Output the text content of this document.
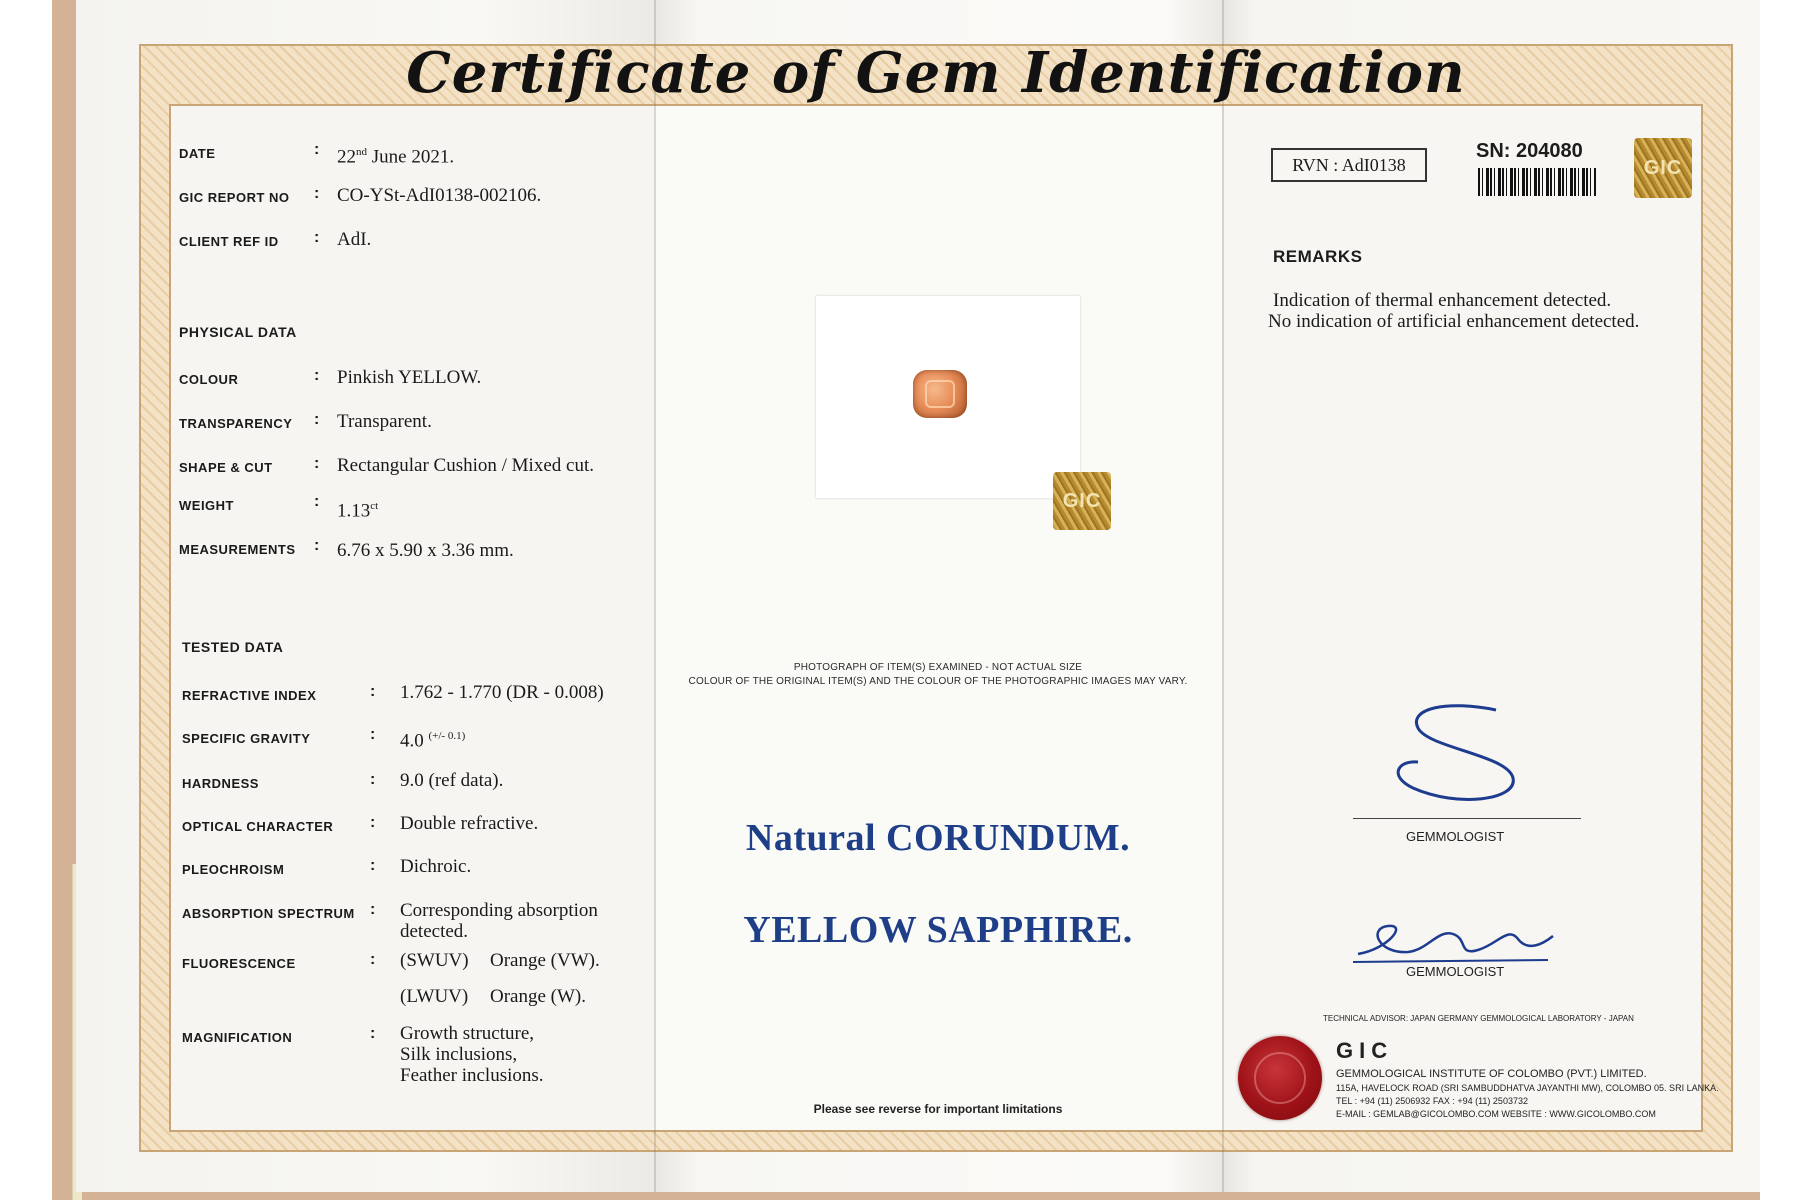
Certificate of Gem Identification
DATE	: 22nd June 2021.
GIC REPORT NO : CO-YSt-AdI0138-002106.
CLIENT REF ID : AdI.
PHYSICAL DATA
COLOUR	: Pinkish YELLOW.
TRANSPARENCY : Transparent.
SHAPE & CUT	: Rectangular Cushion / Mixed cut.
WEIGHT	: $1.13^{ct}$
MEASUREMENTS : 6.76 x 5.90 x 3.36 mm.
TESTED DATA
REFRACTIVE INDEX	: 1.762 - 1.770 (DR - 0.008)
SPECIFIC GRAVITY	: 4.0 $^{(+/- 0.1)}$
HARDNESS	: 9.0 (ref data).
OPTICAL CHARACTER : Double refractive.
PLEOCHROISM	: Dichroic.
ABSORPTION SPECTRUM : Corresponding absorption
detected.
FLUORESCENCE	: (SWUV) Orange (VW).
(LWUV) Orange (W).
MAGNIFICATION	: Growth structure,
Silk inclusions,
Feather inclusions.
GIC
PHOTOGRAPH OF ITEM(S) EXAMINED - NOT ACTUAL SIZE
COLOUR OF THE ORIGINAL ITEM(S) AND THE COLOUR OF THE PHOTOGRAPHIC IMAGES MAY VARY.
Natural CORUNDUM.
YELLOW SAPPHIRE.
Please see reverse for important limitations
RVN : AdI0138
SN: 204080
GIC
REMARKS
Indication of thermal enhancement detected.
No indication of artificial enhancement detected.
GEMMOLOGIST
GEMMOLOGIST
TECHNICAL ADVISOR: JAPAN GERMANY GEMMOLOGICAL LABORATORY - JAPAN
GIC
GEMMOLOGICAL INSTITUTE OF COLOMBO (PVT.) LIMITED.
115A, HAVELOCK ROAD (SRI SAMBUDDHATVA JAYANTHI MW), COLOMBO 05. SRI LANKA.
TEL : +94 (11) 2506932 FAX : +94 (11) 2503732
E-MAIL : GEMLAB@GICOLOMBO.COM WEBSITE : WWW.GICOLOMBO.COM
